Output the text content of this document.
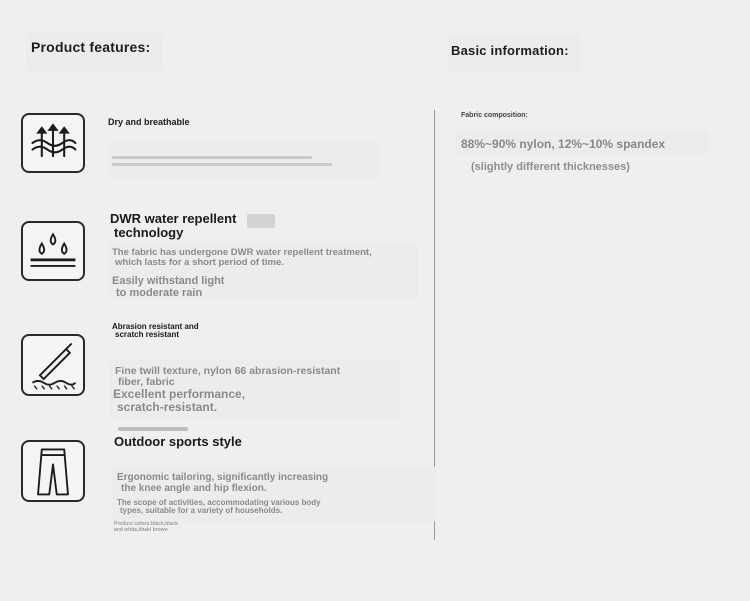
Product features:	Basic information:
Fabric composition:
88%~90% nylon, 12%~10% spandex
(slightly different thicknesses)
Dry and breathable
DWR water repellent
technology
The fabric has undergone DWR water repellent treatment,
which lasts for a short period of time.
Easily withstand light
to moderate rain
Abrasion resistant and
scratch resistant
Fine twill texture, nylon 66 abrasion-resistant
fiber, fabric
Excellent performance,
scratch-resistant.
Outdoor sports style
Ergonomic tailoring, significantly increasing
the knee angle and hip flexion.
The scope of activities, accommodating various body
types, suitable for a variety of households.
Product colors:black,black
and white,khaki brown
